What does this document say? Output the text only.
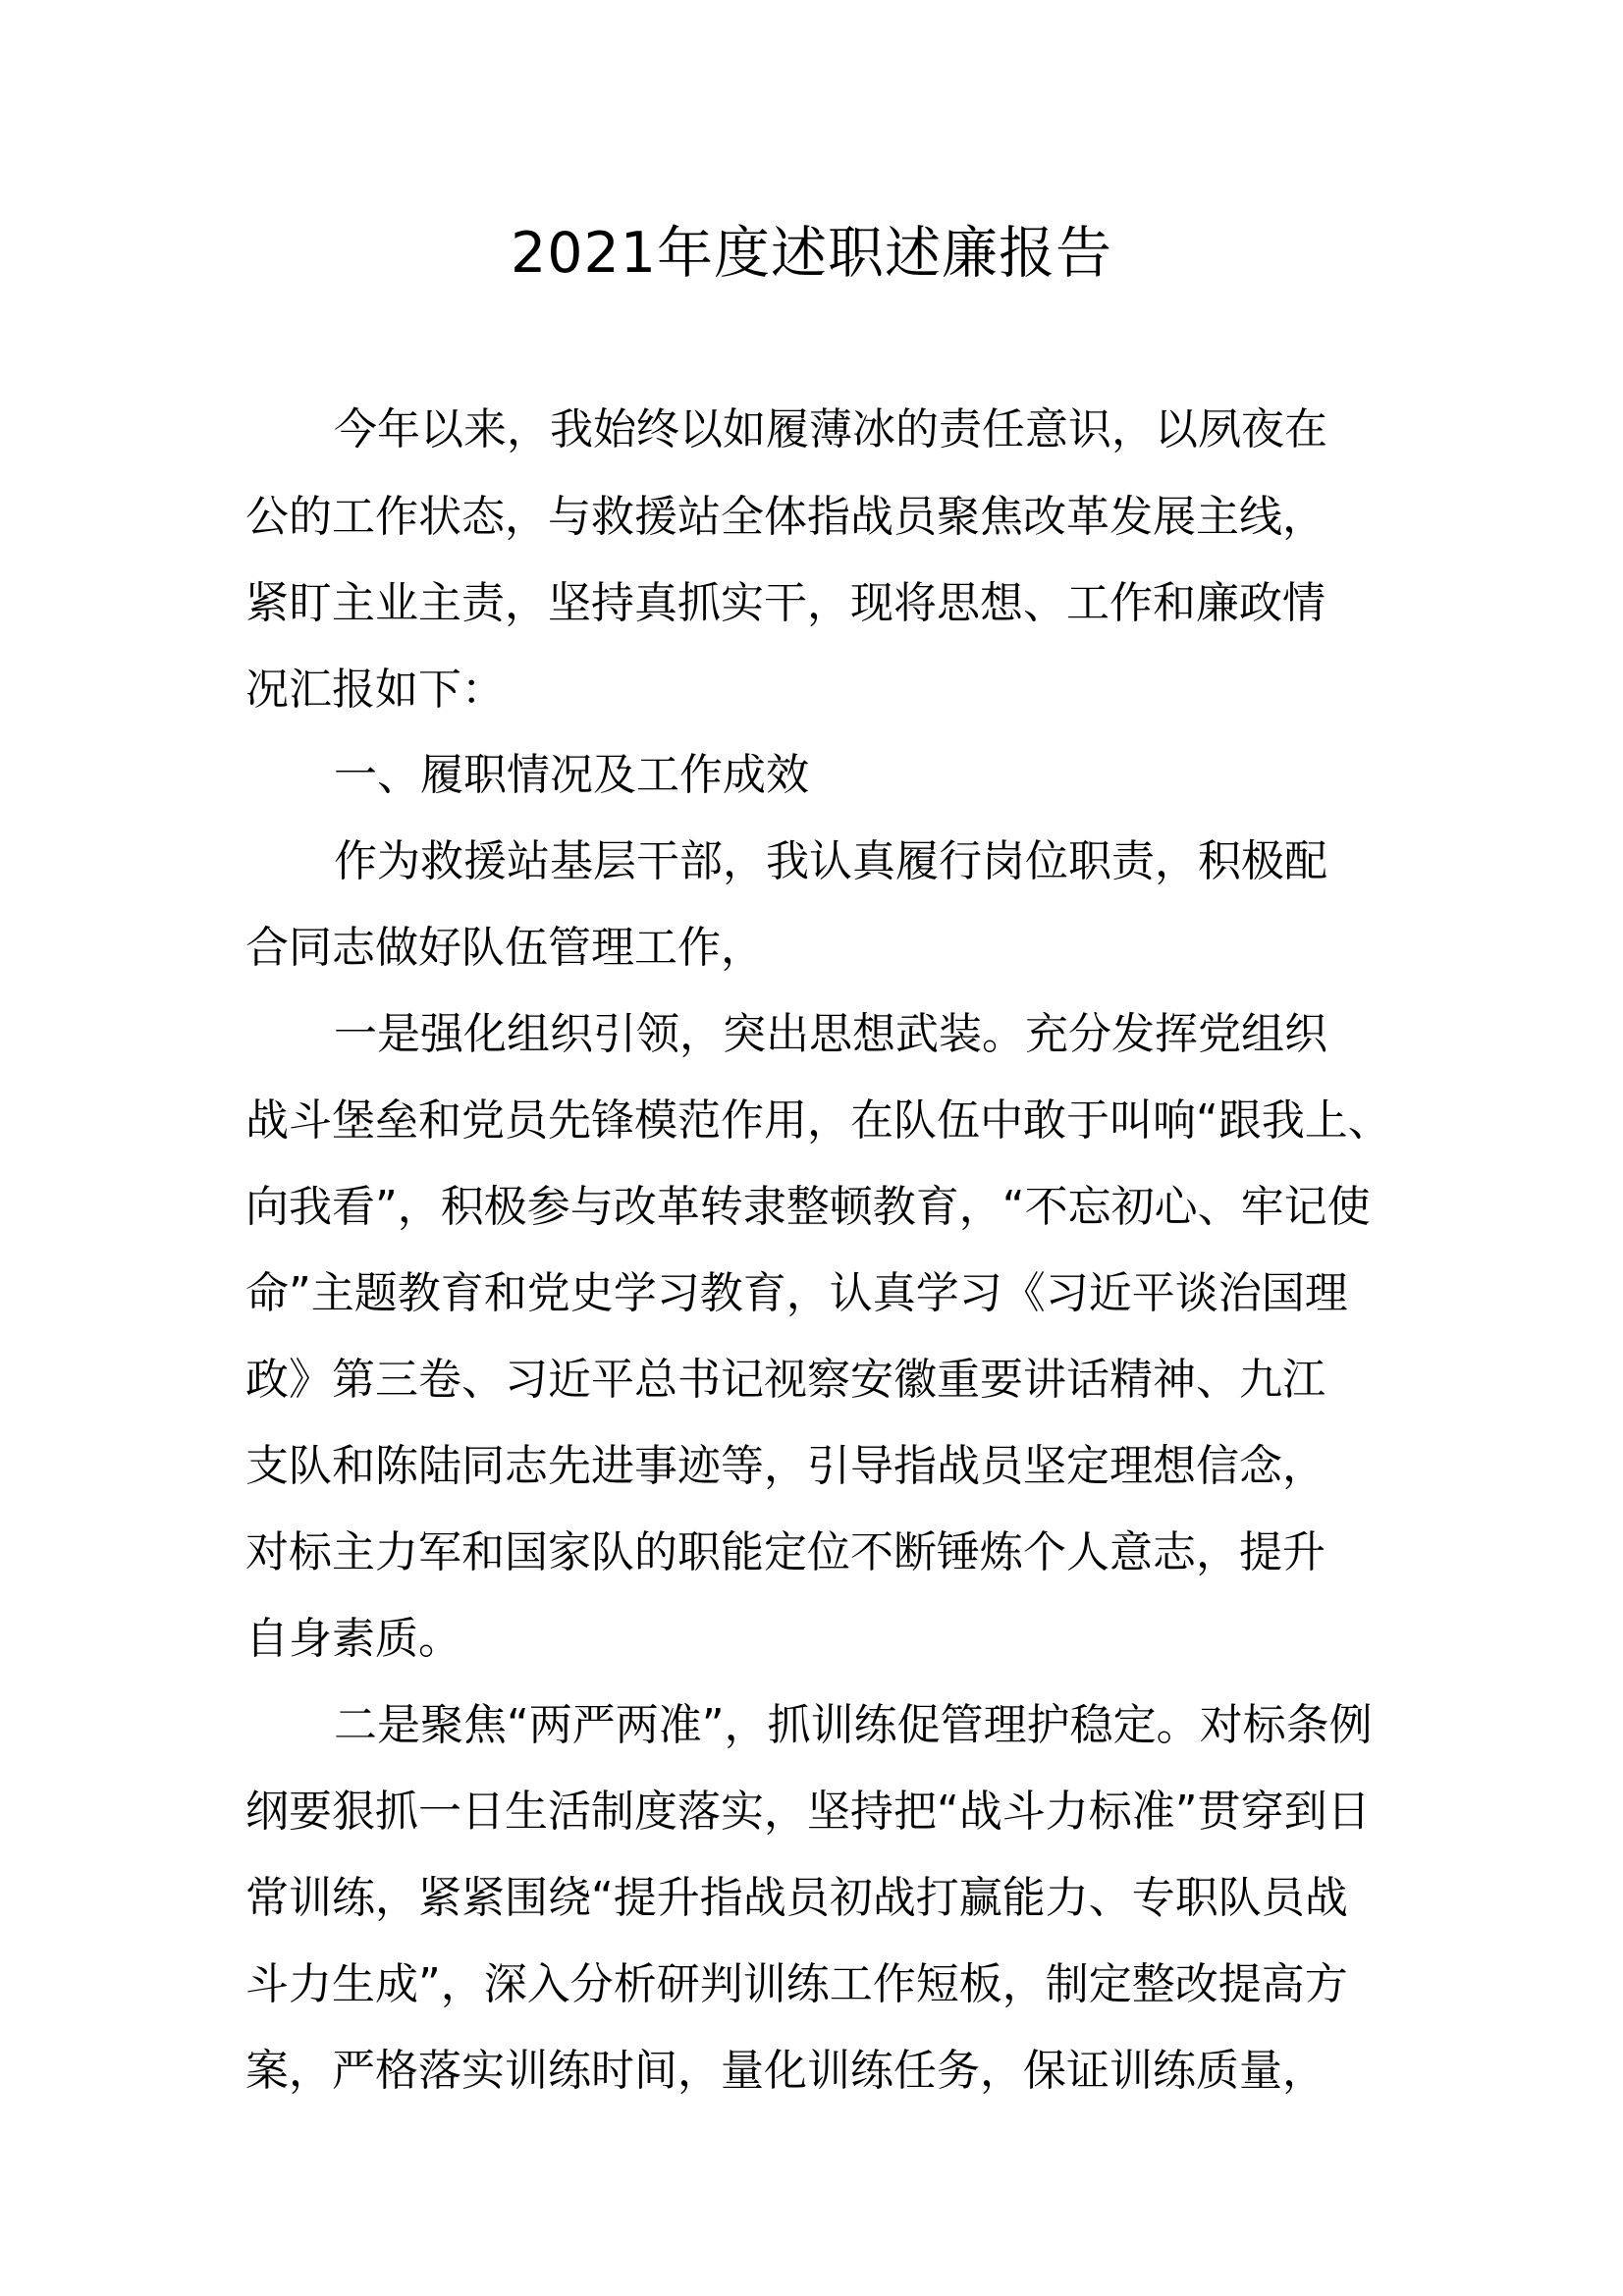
2021年度述职述廉报告

今年以来，我始终以如履薄冰的责任意识，以夙夜在

公的工作状态，与救援站全体指战员聚焦改革发展主线，

紧盯主业主责，坚持真抓实干，现将思想、工作和廉政情

况汇报如下：

一、履职情况及工作成效

作为救援站基层干部，我认真履行岗位职责，积极配

合同志做好队伍管理工作，

一是强化组织引领，突出思想武装。充分发挥党组织

战斗堡垒和党员先锋模范作用，在队伍中敢于叫响“跟我上、

向我看”，积极参与改革转隶整顿教育，“不忘初心、牢记使

命”主题教育和党史学习教育，认真学习《习近平谈治国理

政》第三卷、习近平总书记视察安徽重要讲话精神、九江

支队和陈陆同志先进事迹等，引导指战员坚定理想信念，

对标主力军和国家队的职能定位不断锤炼个人意志，提升

自身素质。

二是聚焦“两严两准”，抓训练促管理护稳定。对标条例

纲要狠抓一日生活制度落实，坚持把“战斗力标准”贯穿到日

常训练，紧紧围绕“提升指战员初战打赢能力、专职队员战

斗力生成”，深入分析研判训练工作短板，制定整改提高方

案，严格落实训练时间，量化训练任务，保证训练质量，
